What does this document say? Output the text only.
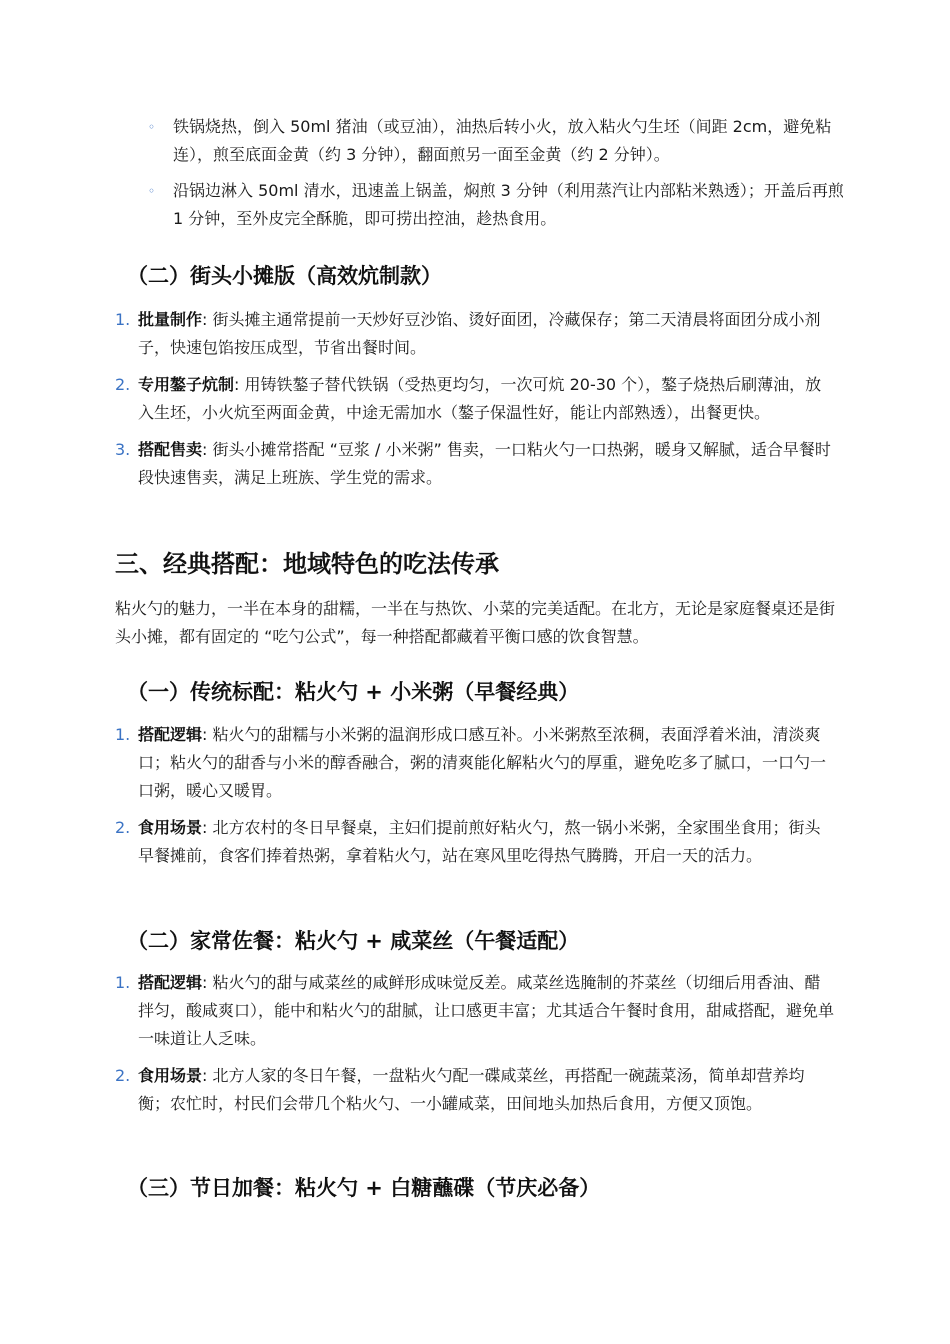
◦ 铁锅烧热，倒入 50ml 猪油（或豆油），油热后转小火，放入粘火勺生坯（间距 2cm，避免粘连），煎至底面金黄（约 3 分钟），翻面煎另一面至金黄（约 2 分钟）。
◦ 沿锅边淋入 50ml 清水，迅速盖上锅盖，焖煎 3 分钟（利用蒸汽让内部粘米熟透）；开盖后再煎 1 分钟，至外皮完全酥脆，即可捞出控油，趁热食用。
（二）街头小摊版（高效炕制款）
1. 批量制作: 街头摊主通常提前一天炒好豆沙馅、烫好面团，冷藏保存；第二天清晨将面团分成小剂子，快速包馅按压成型，节省出餐时间。
2. 专用鏊子炕制: 用铸铁鏊子替代铁锅（受热更均匀，一次可炕 20-30 个），鏊子烧热后刷薄油，放入生坯，小火炕至两面金黄，中途无需加水（鏊子保温性好，能让内部熟透），出餐更快。
3. 搭配售卖: 街头小摊常搭配 “豆浆 / 小米粥” 售卖，一口粘火勺一口热粥，暖身又解腻，适合早餐时段快速售卖，满足上班族、学生党的需求。
三、经典搭配：地域特色的吃法传承

粘火勺的魅力，一半在本身的甜糯，一半在与热饮、小菜的完美适配。在北方，无论是家庭餐桌还是街头小摊，都有固定的 “吃勺公式”，每一种搭配都藏着平衡口感的饮食智慧。

（一）传统标配：粘火勺 + 小米粥（早餐经典）
1. 搭配逻辑: 粘火勺的甜糯与小米粥的温润形成口感互补。小米粥熬至浓稠，表面浮着米油，清淡爽口；粘火勺的甜香与小米的醇香融合，粥的清爽能化解粘火勺的厚重，避免吃多了腻口，一口勺一口粥，暖心又暖胃。
2. 食用场景: 北方农村的冬日早餐桌，主妇们提前煎好粘火勺，熬一锅小米粥，全家围坐食用；街头早餐摊前，食客们捧着热粥，拿着粘火勺，站在寒风里吃得热气腾腾，开启一天的活力。
（二）家常佐餐：粘火勺 + 咸菜丝（午餐适配）
1. 搭配逻辑: 粘火勺的甜与咸菜丝的咸鲜形成味觉反差。咸菜丝选腌制的芥菜丝（切细后用香油、醋拌匀，酸咸爽口），能中和粘火勺的甜腻，让口感更丰富；尤其适合午餐时食用，甜咸搭配，避免单一味道让人乏味。
2. 食用场景: 北方人家的冬日午餐，一盘粘火勺配一碟咸菜丝，再搭配一碗蔬菜汤，简单却营养均衡；农忙时，村民们会带几个粘火勺、一小罐咸菜，田间地头加热后食用，方便又顶饱。
（三）节日加餐：粘火勺 + 白糖蘸碟（节庆必备）
